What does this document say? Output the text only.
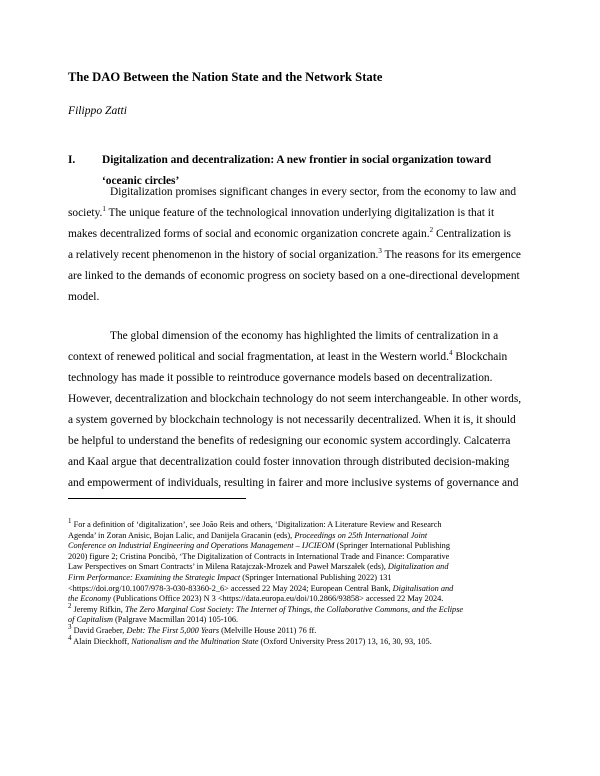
The DAO Between the Nation State and the Network State

Filippo Zatti

I. Digitalization and decentralization: A new frontier in social organization toward
‘oceanic circles’
Digitalization promises significant changes in every sector, from the economy to law and
society.$^1$ The unique feature of the technological innovation underlying digitalization is that it
makes decentralized forms of social and economic organization concrete again.$^2$ Centralization is
a relatively recent phenomenon in the history of social organization.$^3$ The reasons for its emergence
are linked to the demands of economic progress on society based on a one-directional development
model.
The global dimension of the economy has highlighted the limits of centralization in a
context of renewed political and social fragmentation, at least in the Western world.$^4$ Blockchain
technology has made it possible to reintroduce governance models based on decentralization.
However, decentralization and blockchain technology do not seem interchangeable. In other words,
a system governed by blockchain technology is not necessarily decentralized. When it is, it should
be helpful to understand the benefits of redesigning our economic system accordingly. Calcaterra
and Kaal argue that decentralization could foster innovation through distributed decision-making
and empowerment of individuals, resulting in fairer and more inclusive systems of governance and
$^1$ For a definition of ‘digitalization’, see João Reis and others, ‘Digitalization: A Literature Review and Research
Agenda’ in Zoran Anisic, Bojan Lalic, and Danijela Gracanin (eds), Proceedings on 25th International Joint
Conference on Industrial Engineering and Operations Management – IJCIEOM (Springer International Publishing
2020) figure 2; Cristina Poncibò, ‘The Digitalization of Contracts in International Trade and Finance: Comparative
Law Perspectives on Smart Contracts’ in Milena Ratajczak-Mrozek and Paweł Marszałek (eds), Digitalization and
Firm Performance: Examining the Strategic Impact (Springer International Publishing 2022) 131
<https://doi.org/10.1007/978-3-030-83360-2_6> accessed 22 May 2024; European Central Bank, Digitalisation and
the Economy (Publications Office 2023) N 3 <https://data.europa.eu/doi/10.2866/93858> accessed 22 May 2024.
$^2$ Jeremy Rifkin, The Zero Marginal Cost Society: The Internet of Things, the Collaborative Commons, and the Eclipse
of Capitalism (Palgrave Macmillan 2014) 105-106.
$^3$ David Graeber, Debt: The First 5,000 Years (Melville House 2011) 76 ff.
$^4$ Alain Dieckhoff, Nationalism and the Multination State (Oxford University Press 2017) 13, 16, 30, 93, 105.
